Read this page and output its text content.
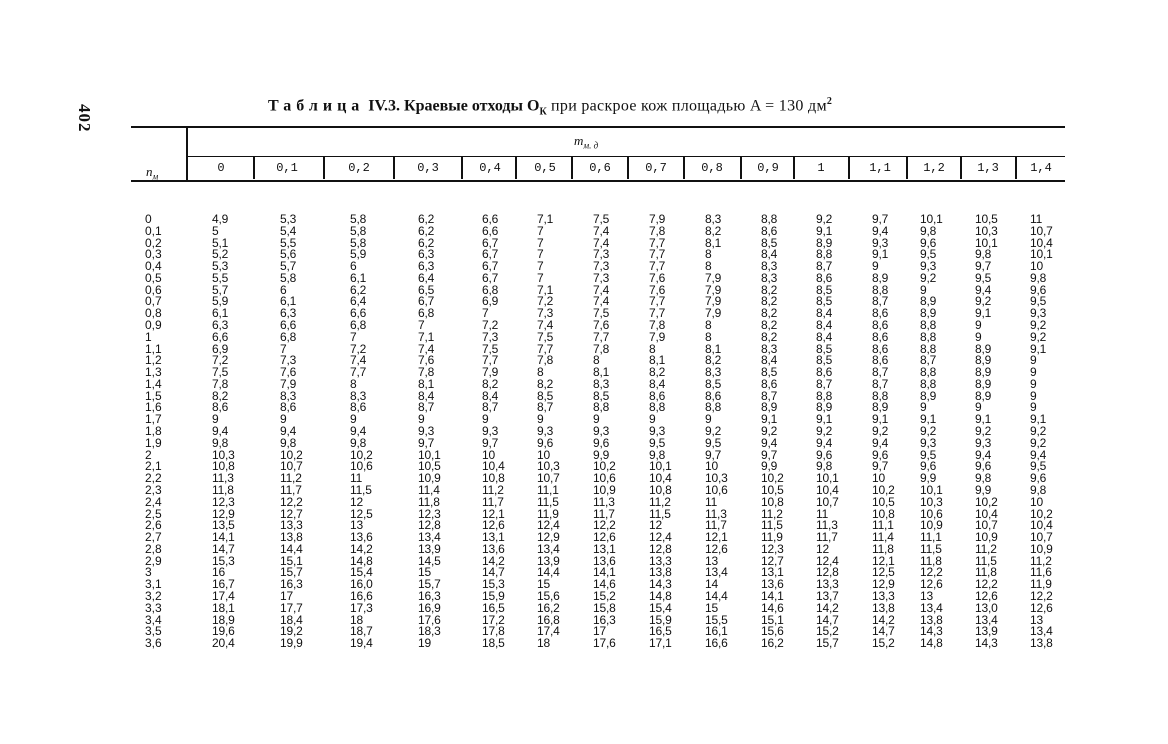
402	Таблица IV.3. Краевые отходы $O_К$ при раскрое кож площадью A = 130 $дм^2$
$m_{м. д}$
$n_м$
0	0,1	0,2	0,3	0,4	0,5	0,6	0,7	0,8	0,9	1	1,1	1,2	1,3	1,4
0	4,9	5,3	5,8	6,2	6,6	7,1	7,5	7,9	8,3	8,8	9,2	9,7	10,1	10,5	11
0,1	5	5,4	5,8	6,2	6,6	7	7,4	7,8	8,2	8,6	9,1	9,4	9,8	10,3	10,7
0,2	5,1	5,5	5,8	6,2	6,7	7	7,4	7,7	8,1	8,5	8,9	9,3	9,6	10,1	10,4
0,3	5,2	5,6	5,9	6,3	6,7	7	7,3	7,7	8	8,4	8,8	9,1	9,5	9,8	10,1
0,4	5,3	5,7	6	6,3	6,7	7	7,3	7,7	8	8,3	8,7	9	9,3	9,7	10
0,5	5,5	5,8	6,1	6,4	6,7	7	7,3	7,6	7,9	8,3	8,6	8,9	9,2	9,5	9,8
0,6	5,7	6	6,2	6,5	6,8	7,1	7,4	7,6	7,9	8,2	8,5	8,8	9	9,4	9,6
0,7	5,9	6,1	6,4	6,7	6,9	7,2	7,4	7,7	7,9	8,2	8,5	8,7	8,9	9,2	9,5
0,8	6,1	6,3	6,6	6,8	7	7,3	7,5	7,7	7,9	8,2	8,4	8,6	8,9	9,1	9,3
0,9	6,3	6,6	6,8	7	7,2	7,4	7,6	7,8	8	8,2	8,4	8,6	8,8	9	9,2
1	6,6	6,8	7	7,1	7,3	7,5	7,7	7,9	8	8,2	8,4	8,6	8,8	9	9,2
1,1	6,9	7	7,2	7,4	7,5	7,7	7,8	8	8,1	8,3	8,5	8,6	8,8	8,9	9,1
1,2	7,2	7,3	7,4	7,6	7,7	7,8	8	8,1	8,2	8,4	8,5	8,6	8,7	8,9	9
1,3	7,5	7,6	7,7	7,8	7,9	8	8,1	8,2	8,3	8,5	8,6	8,7	8,8	8,9	9
1,4	7,8	7,9	8	8,1	8,2	8,2	8,3	8,4	8,5	8,6	8,7	8,7	8,8	8,9	9
1,5	8,2	8,3	8,3	8,4	8,4	8,5	8,5	8,6	8,6	8,7	8,8	8,8	8,9	8,9	9
1,6	8,6	8,6	8,6	8,7	8,7	8,7	8,8	8,8	8,8	8,9	8,9	8,9	9	9	9
1,7	9	9	9	9	9	9	9	9	9	9,1	9,1	9,1	9,1	9,1	9,1
1,8	9,4	9,4	9,4	9,3	9,3	9,3	9,3	9,3	9,2	9,2	9,2	9,2	9,2	9,2	9,2
1,9	9,8	9,8	9,8	9,7	9,7	9,6	9,6	9,5	9,5	9,4	9,4	9,4	9,3	9,3	9,2
2	10,3	10,2	10,2	10,1	10	10	9,9	9,8	9,7	9,7	9,6	9,6	9,5	9,4	9,4
2,1	10,8	10,7	10,6	10,5	10,4	10,3	10,2	10,1	10	9,9	9,8	9,7	9,6	9,6	9,5
2,2	11,3	11,2	11	10,9	10,8	10,7	10,6	10,4	10,3	10,2	10,1	10	9,9	9,8	9,6
2,3	11,8	11,7	11,5	11,4	11,2	11,1	10,9	10,8	10,6	10,5	10,4	10,2 10,1	9,9	9,8
2,4	12,3	12,2	12	11,8	11,7	11,5	11,3	11,2	11	10,8	10,7	10,5 10,3	10,2	10
2,5	12,9	12,7	12,5	12,3	12,1	11,9	11,7	11,5	11,3	11,2	11	10,8 10,6	10,4	10,2
2,6	13,5	13,3	13	12,8	12,6	12,4	12,2	12	11,7	11,5	11,3	11,1 10,9	10,7	10,4
2,7	14,1	13,8	13,6	13,4	13,1	12,9	12,6	12,4	12,1	11,9	11,7	11,4 11,1	10,9	10,7
2,8	14,7	14,4	14,2	13,9	13,6	13,4	13,1	12,8	12,6	12,3	12	11,8 11,5	11,2	10,9
2,9	15,3	15,1	14,8	14,5	14,2	13,9	13,6	13,3	13	12,7	12,4	12,1 11,8	11,5	11,2
3	16	15,7	15,4	15	14,7	14,4	14,1	13,8	13,4	13,1	12,8	12,5 12,2	11,8	11,6
3,1	16,7	16,3	16,0	15,7	15,3	15	14,6	14,3	14	13,6	13,3	12,9 12,6	12,2	11,9
3,2	17,4	17	16,6	16,3	15,9	15,6	15,2	14,8	14,4	14,1	13,7	13,3 13	12,6	12,2
3,3	18,1	17,7	17,3	16,9	16,5	16,2	15,8	15,4	15	14,6	14,2	13,8 13,4	13,0	12,6
3,4	18,9	18,4	18	17,6	17,2	16,8	16,3	15,9	15,5	15,1	14,7	14,2 13,8	13,4	13
3,5	19,6	19,2	18,7	18,3	17,8	17,4	17	16,5	16,1	15,6	15,2	14,7 14,3	13,9	13,4
3,6	20,4	19,9	19,4	19	18,5	18	17,6	17,1	16,6	16,2	15,7	15,2 14,8	14,3	13,8
